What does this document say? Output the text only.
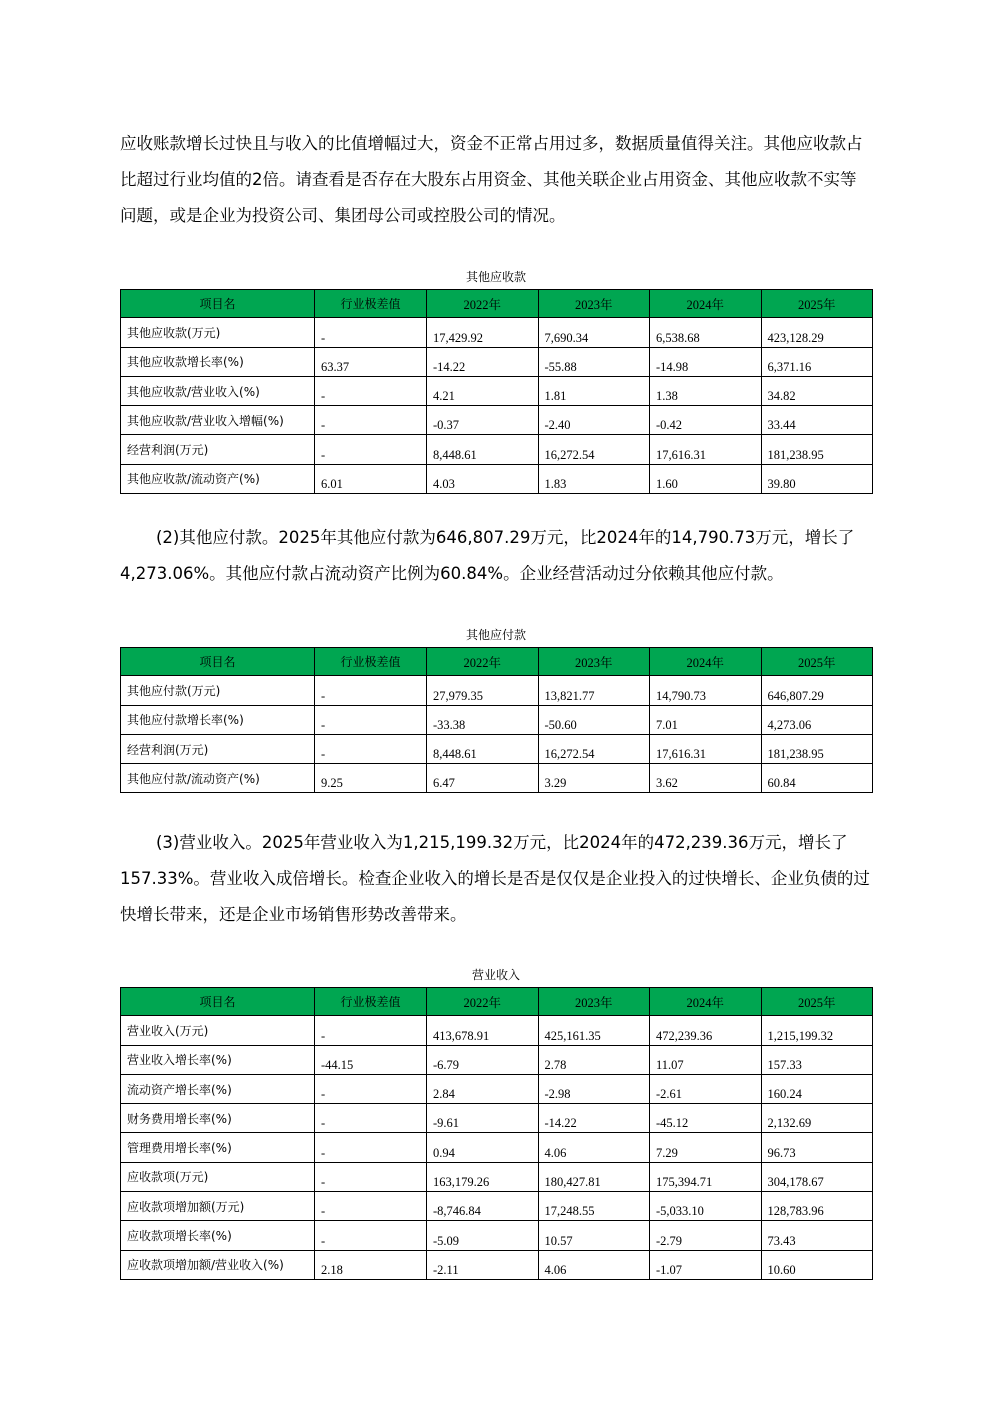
应收账款增长过快且与收入的比值增幅过大，资金不正常占用过多，数据质量值得关注。其他应收款占比超过行业均值的2倍。请查看是否存在大股东占用资金、其他关联企业占用资金、其他应收款不实等问题，或是企业为投资公司、集团母公司或控股公司的情况。

其他应收款
项目名	行业极差值	2022年	2023年	2024年	2025年
其他应收款(万元)	-	17,429.92	7,690.34	6,538.68	423,128.29
其他应收款增长率(%)	63.37	-14.22	-55.88	-14.98	6,371.16
其他应收款/营业收入(%)	-	4.21	1.81	1.38	34.82
其他应收款/营业收入增幅(%)	-	-0.37	-2.40	-0.42	33.44
经营利润(万元)	-	8,448.61	16,272.54	17,616.31	181,238.95
其他应收款/流动资产(%)	6.01	4.03	1.83	1.60	39.80

(2)其他应付款。2025年其他应付款为646,807.29万元，比2024年的14,790.73万元，增长了4,273.06%。其他应付款占流动资产比例为60.84%。企业经营活动过分依赖其他应付款。

其他应付款
项目名	行业极差值	2022年	2023年	2024年	2025年
其他应付款(万元)	-	27,979.35	13,821.77	14,790.73	646,807.29
其他应付款增长率(%)	-	-33.38	-50.60	7.01	4,273.06
经营利润(万元)	-	8,448.61	16,272.54	17,616.31	181,238.95
其他应付款/流动资产(%)	9.25	6.47	3.29	3.62	60.84

(3)营业收入。2025年营业收入为1,215,199.32万元，比2024年的472,239.36万元，增长了157.33%。营业收入成倍增长。检查企业收入的增长是否是仅仅是企业投入的过快增长、企业负债的过快增长带来，还是企业市场销售形势改善带来。

营业收入
项目名	行业极差值	2022年	2023年	2024年	2025年
营业收入(万元)	-	413,678.91	425,161.35	472,239.36	1,215,199.32
营业收入增长率(%)	-44.15	-6.79	2.78	11.07	157.33
流动资产增长率(%)	-	2.84	-2.98	-2.61	160.24
财务费用增长率(%)	-	-9.61	-14.22	-45.12	2,132.69
管理费用增长率(%)	-	0.94	4.06	7.29	96.73
应收款项(万元)	-	163,179.26	180,427.81	175,394.71	304,178.67
应收款项增加额(万元)	-	-8,746.84	17,248.55	-5,033.10	128,783.96
应收款项增长率(%)	-	-5.09	10.57	-2.79	73.43
应收款项增加额/营业收入(%)	2.18	-2.11	4.06	-1.07	10.60
